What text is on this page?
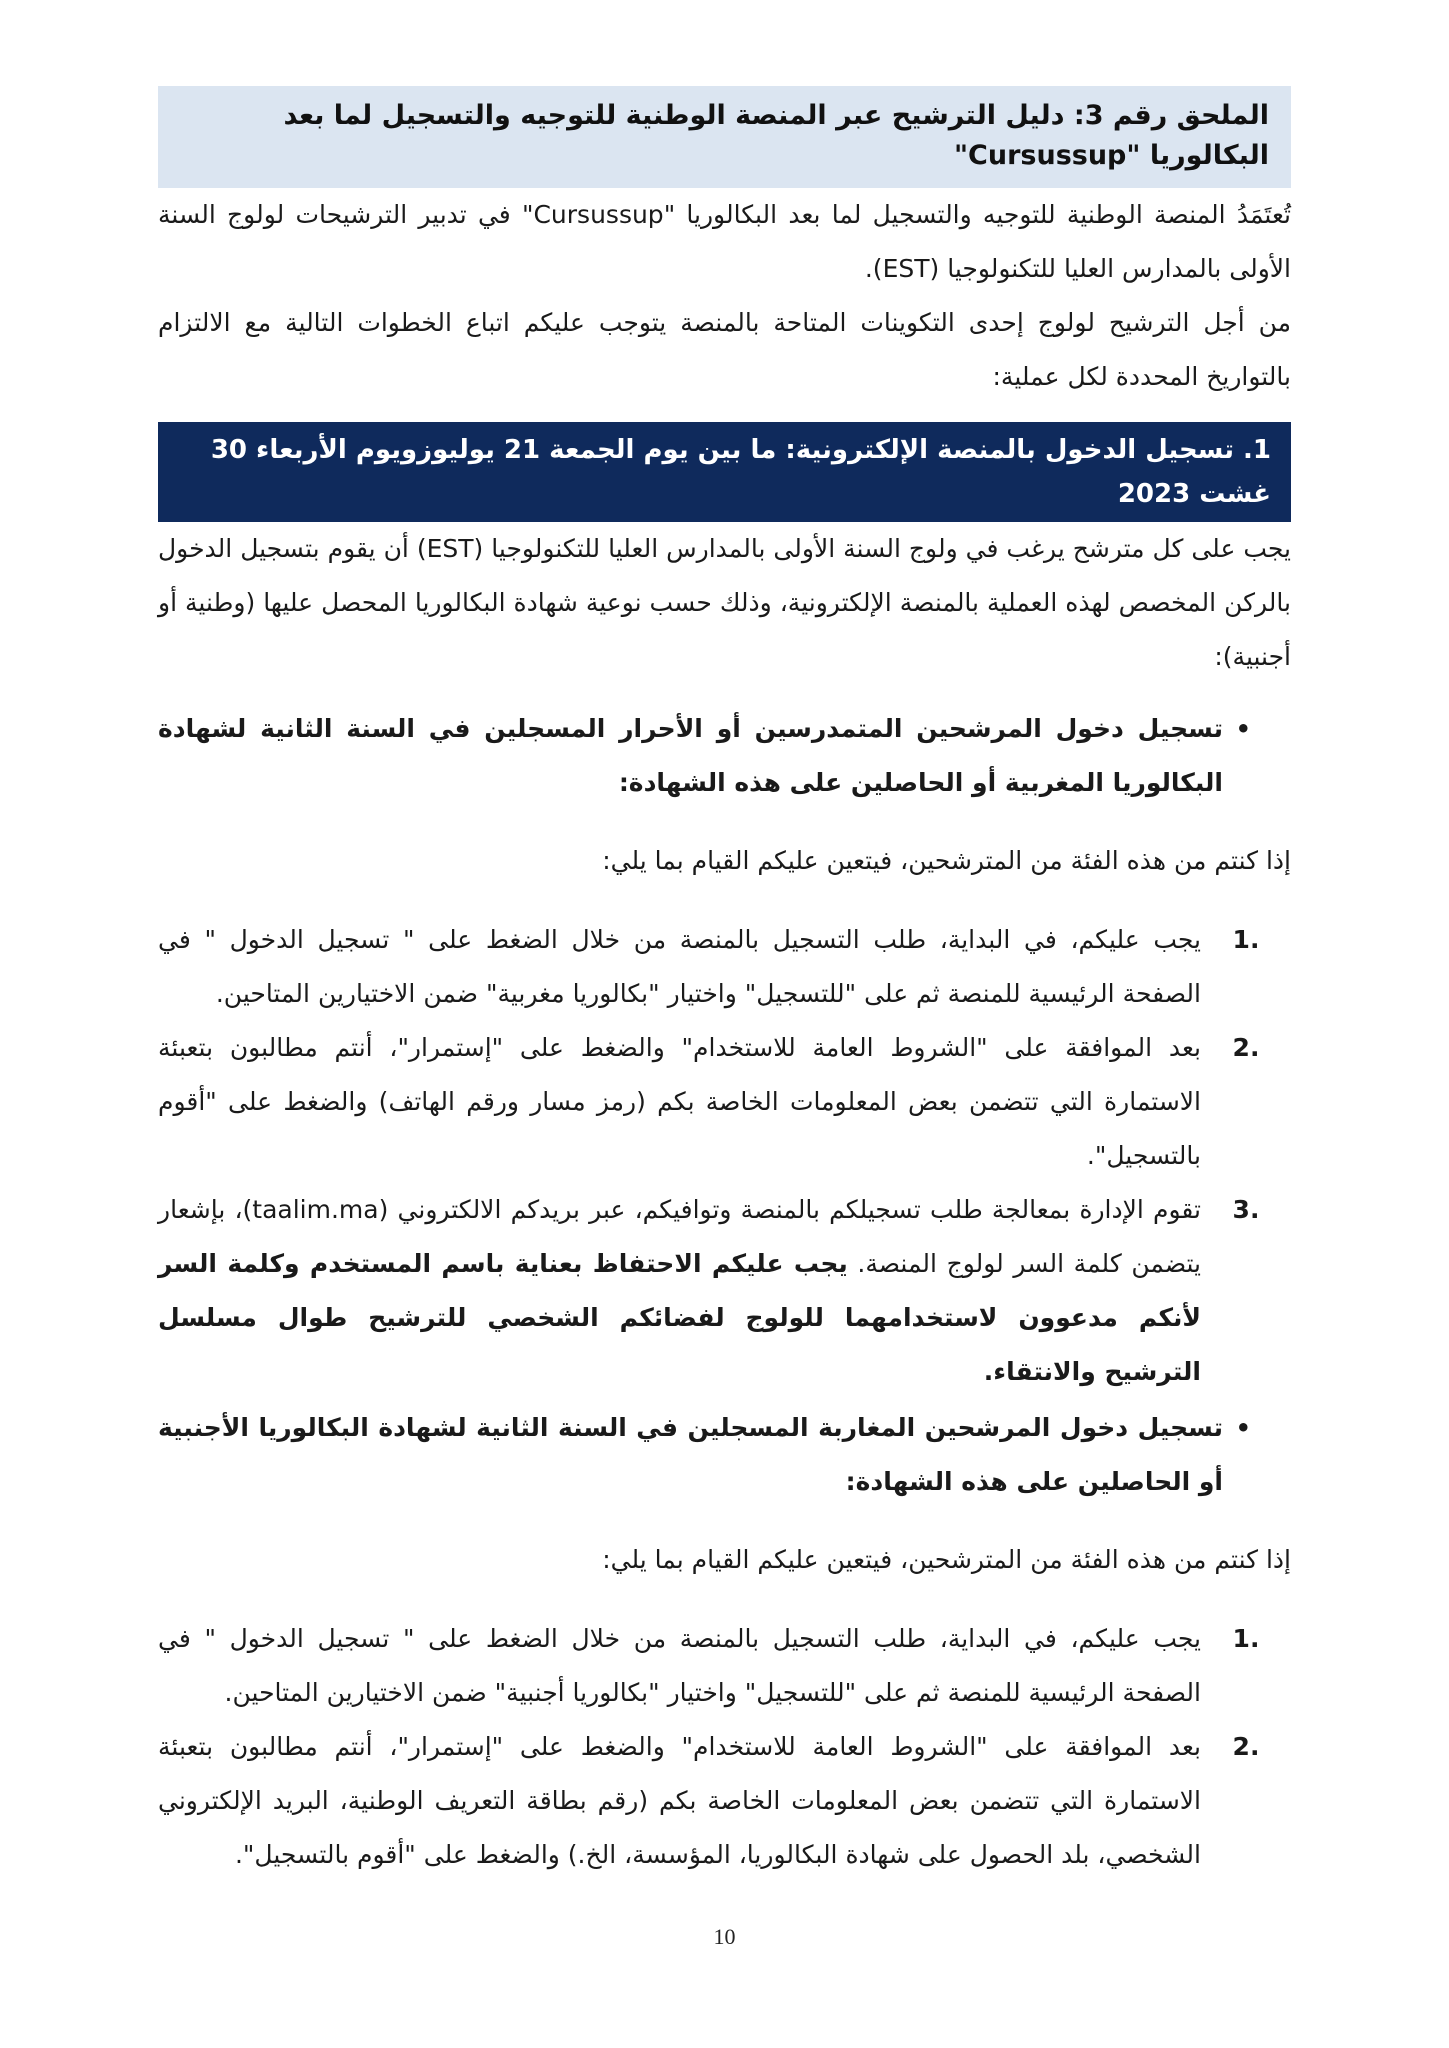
الملحق رقم 3: دليل الترشيح عبر المنصة الوطنية للتوجيه والتسجيل لما بعد البكالوريا "Cursussup"

تُعتَمَدُ المنصة الوطنية للتوجيه والتسجيل لما بعد البكالوريا "Cursussup" في تدبير الترشيحات لولوج السنة الأولى بالمدارس العليا للتكنولوجيا (EST).

من أجل الترشيح لولوج إحدى التكوينات المتاحة بالمنصة يتوجب عليكم اتباع الخطوات التالية مع الالتزام بالتواريخ المحددة لكل عملية:

1. تسجيل الدخول بالمنصة الإلكترونية: ما بين يوم الجمعة 21 يوليوزويوم الأربعاء 30 غشت 2023

يجب على كل مترشح يرغب في ولوج السنة الأولى بالمدارس العليا للتكنولوجيا (EST) أن يقوم بتسجيل الدخول بالركن المخصص لهذه العملية بالمنصة الإلكترونية، وذلك حسب نوعية شهادة البكالوريا المحصل عليها (وطنية أو أجنبية):

•
تسجيل دخول المرشحين المتمدرسين أو الأحرار المسجلين في السنة الثانية لشهادة البكالوريا المغربية أو الحاصلين على هذه الشهادة:

إذا كنتم من هذه الفئة من المترشحين، فيتعين عليكم القيام بما يلي:

1.
يجب عليكم، في البداية، طلب التسجيل بالمنصة من خلال الضغط على " تسجيل الدخول " في الصفحة الرئيسية للمنصة ثم على "للتسجيل" واختيار "بكالوريا مغربية" ضمن الاختيارين المتاحين.
2.
بعد الموافقة على "الشروط العامة للاستخدام" والضغط على "إستمرار"، أنتم مطالبون بتعبئة الاستمارة التي تتضمن بعض المعلومات الخاصة بكم (رمز مسار ورقم الهاتف) والضغط على "أقوم بالتسجيل".
3.
تقوم الإدارة بمعالجة طلب تسجيلكم بالمنصة وتوافيكم، عبر بريدكم الالكتروني (taalim.ma)، بإشعار يتضمن كلمة السر لولوج المنصة. يجب عليكم الاحتفاظ بعناية باسم المستخدم وكلمة السر لأنكم مدعوون لاستخدامهما للولوج لفضائكم الشخصي للترشيح طوال مسلسل الترشيح والانتقاء.
•
تسجيل دخول المرشحين المغاربة المسجلين في السنة الثانية لشهادة البكالوريا الأجنبية أو الحاصلين على هذه الشهادة:

إذا كنتم من هذه الفئة من المترشحين، فيتعين عليكم القيام بما يلي:

1.
يجب عليكم، في البداية، طلب التسجيل بالمنصة من خلال الضغط على " تسجيل الدخول " في الصفحة الرئيسية للمنصة ثم على "للتسجيل" واختيار "بكالوريا أجنبية" ضمن الاختيارين المتاحين.
2.
بعد الموافقة على "الشروط العامة للاستخدام" والضغط على "إستمرار"، أنتم مطالبون بتعبئة الاستمارة التي تتضمن بعض المعلومات الخاصة بكم (رقم بطاقة التعريف الوطنية، البريد الإلكتروني الشخصي، بلد الحصول على شهادة البكالوريا، المؤسسة، الخ.) والضغط على "أقوم بالتسجيل".
10
